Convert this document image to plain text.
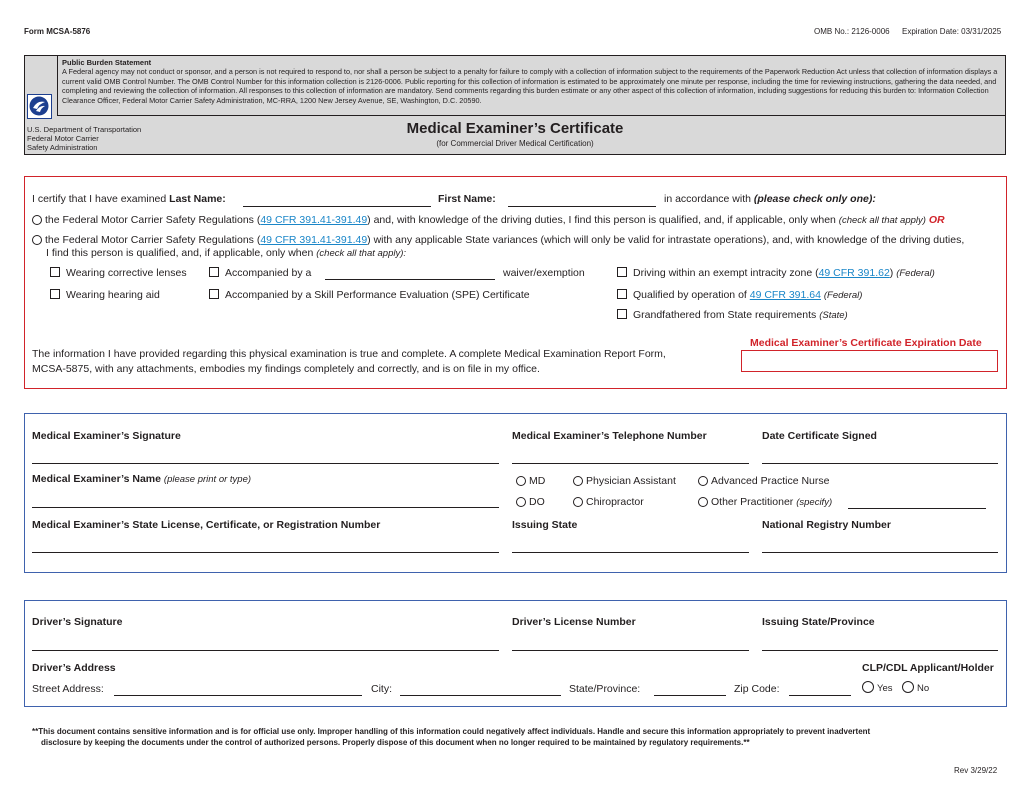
Form MCSA-5876	OMB No.: 2126-0006 Expiration Date: 03/31/2025
Public Burden Statement
A Federal agency may not conduct or sponsor, and a person is not required to respond to, nor shall a person be subject to a penalty for failure to comply with a collection of information subject to the requirements of the Paperwork Reduction Act unless that collection of information displays a current valid OMB Control Number. The OMB Control Number for this information collection is 2126-0006. Public reporting for this collection of information is estimated to be approximately one minute per response, including the time for reviewing instructions, gathering the data needed, and completing and reviewing the collection of information. All responses to this collection of information are mandatory. Send comments regarding this burden estimate or any other aspect of this collection of information, including suggestions for reducing this burden to: Information Collection Clearance Officer, Federal Motor Carrier Safety Administration, MC-RRA, 1200 New Jersey Avenue, SE, Washington, D.C. 20590.
U.S. Department of Transportation
Federal Motor Carrier
Safety Administration
Medical Examiner’s Certificate
(for Commercial Driver Medical Certification)
I certify that I have examined Last Name:	First Name:	in accordance with (please check only one):
the Federal Motor Carrier Safety Regulations (49 CFR 391.41-391.49) and, with knowledge of the driving duties, I find this person is qualified, and, if applicable, only when (check all that apply) OR
the Federal Motor Carrier Safety Regulations (49 CFR 391.41-391.49) with any applicable State variances (which will only be valid for intrastate operations), and, with knowledge of the driving duties,
I find this person is qualified, and, if applicable, only when (check all that apply):
Wearing corrective lenses	Accompanied by a	waiver/exemption	Driving within an exempt intracity zone (49 CFR 391.62) (Federal)
Wearing hearing aid	Accompanied by a Skill Performance Evaluation (SPE) Certificate	Qualified by operation of 49 CFR 391.64 (Federal)
Grandfathered from State requirements (State)
Medical Examiner’s Certificate Expiration Date
The information I have provided regarding this physical examination is true and complete. A complete Medical Examination Report Form,
MCSA-5875, with any attachments, embodies my findings completely and correctly, and is on file in my office.
Medical Examiner’s Signature	Medical Examiner’s Telephone Number	Date Certificate Signed
Medical Examiner’s Name (please print or type)	MD	Physician Assistant	Advanced Practice Nurse
DO	Chiropractor	Other Practitioner (specify)
Medical Examiner’s State License, Certificate, or Registration Number	Issuing State	National Registry Number
Driver’s Signature	Driver’s License Number	Issuing State/Province
Driver’s Address	CLP/CDL Applicant/Holder
Street Address:	City:	State/Province:	Zip Code:	Yes	No
**This document contains sensitive information and is for official use only. Improper handling of this information could negatively affect individuals. Handle and secure this information appropriately to prevent inadvertent
disclosure by keeping the documents under the control of authorized persons. Properly dispose of this document when no longer required to be maintained by regulatory requirements.**
Rev 3/29/22
